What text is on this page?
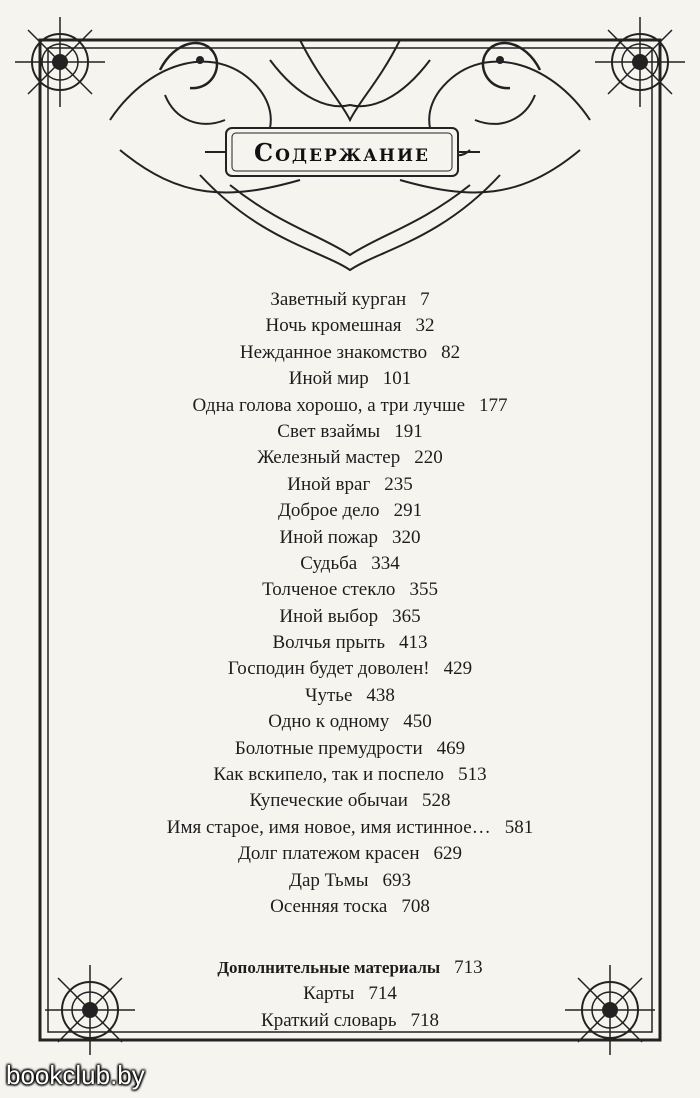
Содержание
Заветный курган 7
Ночь кромешная 32
Нежданное знакомство 82
Иной мир 101
Одна голова хорошо, а три лучше 177
Свет взаймы 191
Железный мастер 220
Иной враг 235
Доброе дело 291
Иной пожар 320
Судьба 334
Толченое стекло 355
Иной выбор 365
Волчья прыть 413
Господин будет доволен! 429
Чутье 438
Одно к одному 450
Болотные премудрости 469
Как вскипело, так и поспело 513
Купеческие обычаи 528
Имя старое, имя новое, имя истинное… 581
Долг платежом красен 629
Дар Тьмы 693
Осенняя тоска 708
Дополнительные материалы 713
Карты 714
Краткий словарь 718
bookclub.by
